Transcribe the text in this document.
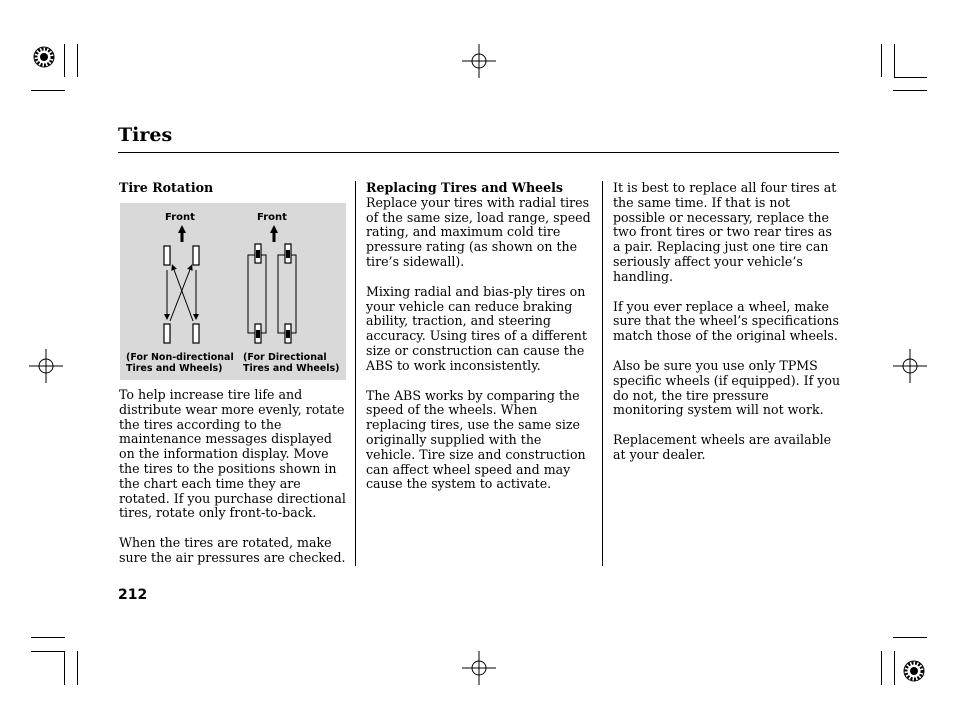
Tires
Tire Rotation
Front	Front
(For Non-directional
Tires and Wheels)
(For Directional
Tires and Wheels)

To help increase tire life and distribute wear more evenly, rotate the tires according to the maintenance messages displayed on the information display. Move the tires to the positions shown in the chart each time they are rotated. If you purchase directional tires, rotate only front-to-back.

When the tires are rotated, make sure the air pressures are checked.

Replacing Tires and Wheels

Replace your tires with radial tires of the same size, load range, speed rating, and maximum cold tire pressure rating (as shown on the tire’s sidewall).

Mixing radial and bias-ply tires on your vehicle can reduce braking ability, traction, and steering accuracy. Using tires of a different size or construction can cause the ABS to work inconsistently.

The ABS works by comparing the speed of the wheels. When replacing tires, use the same size originally supplied with the vehicle. Tire size and construction can affect wheel speed and may cause the system to activate.

It is best to replace all four tires at the same time. If that is not possible or necessary, replace the two front tires or two rear tires as a pair. Replacing just one tire can seriously affect your vehicle’s handling.

If you ever replace a wheel, make sure that the wheel’s specifications match those of the original wheels.

Also be sure you use only TPMS specific wheels (if equipped). If you do not, the tire pressure monitoring system will not work.

Replacement wheels are available at your dealer.

212
